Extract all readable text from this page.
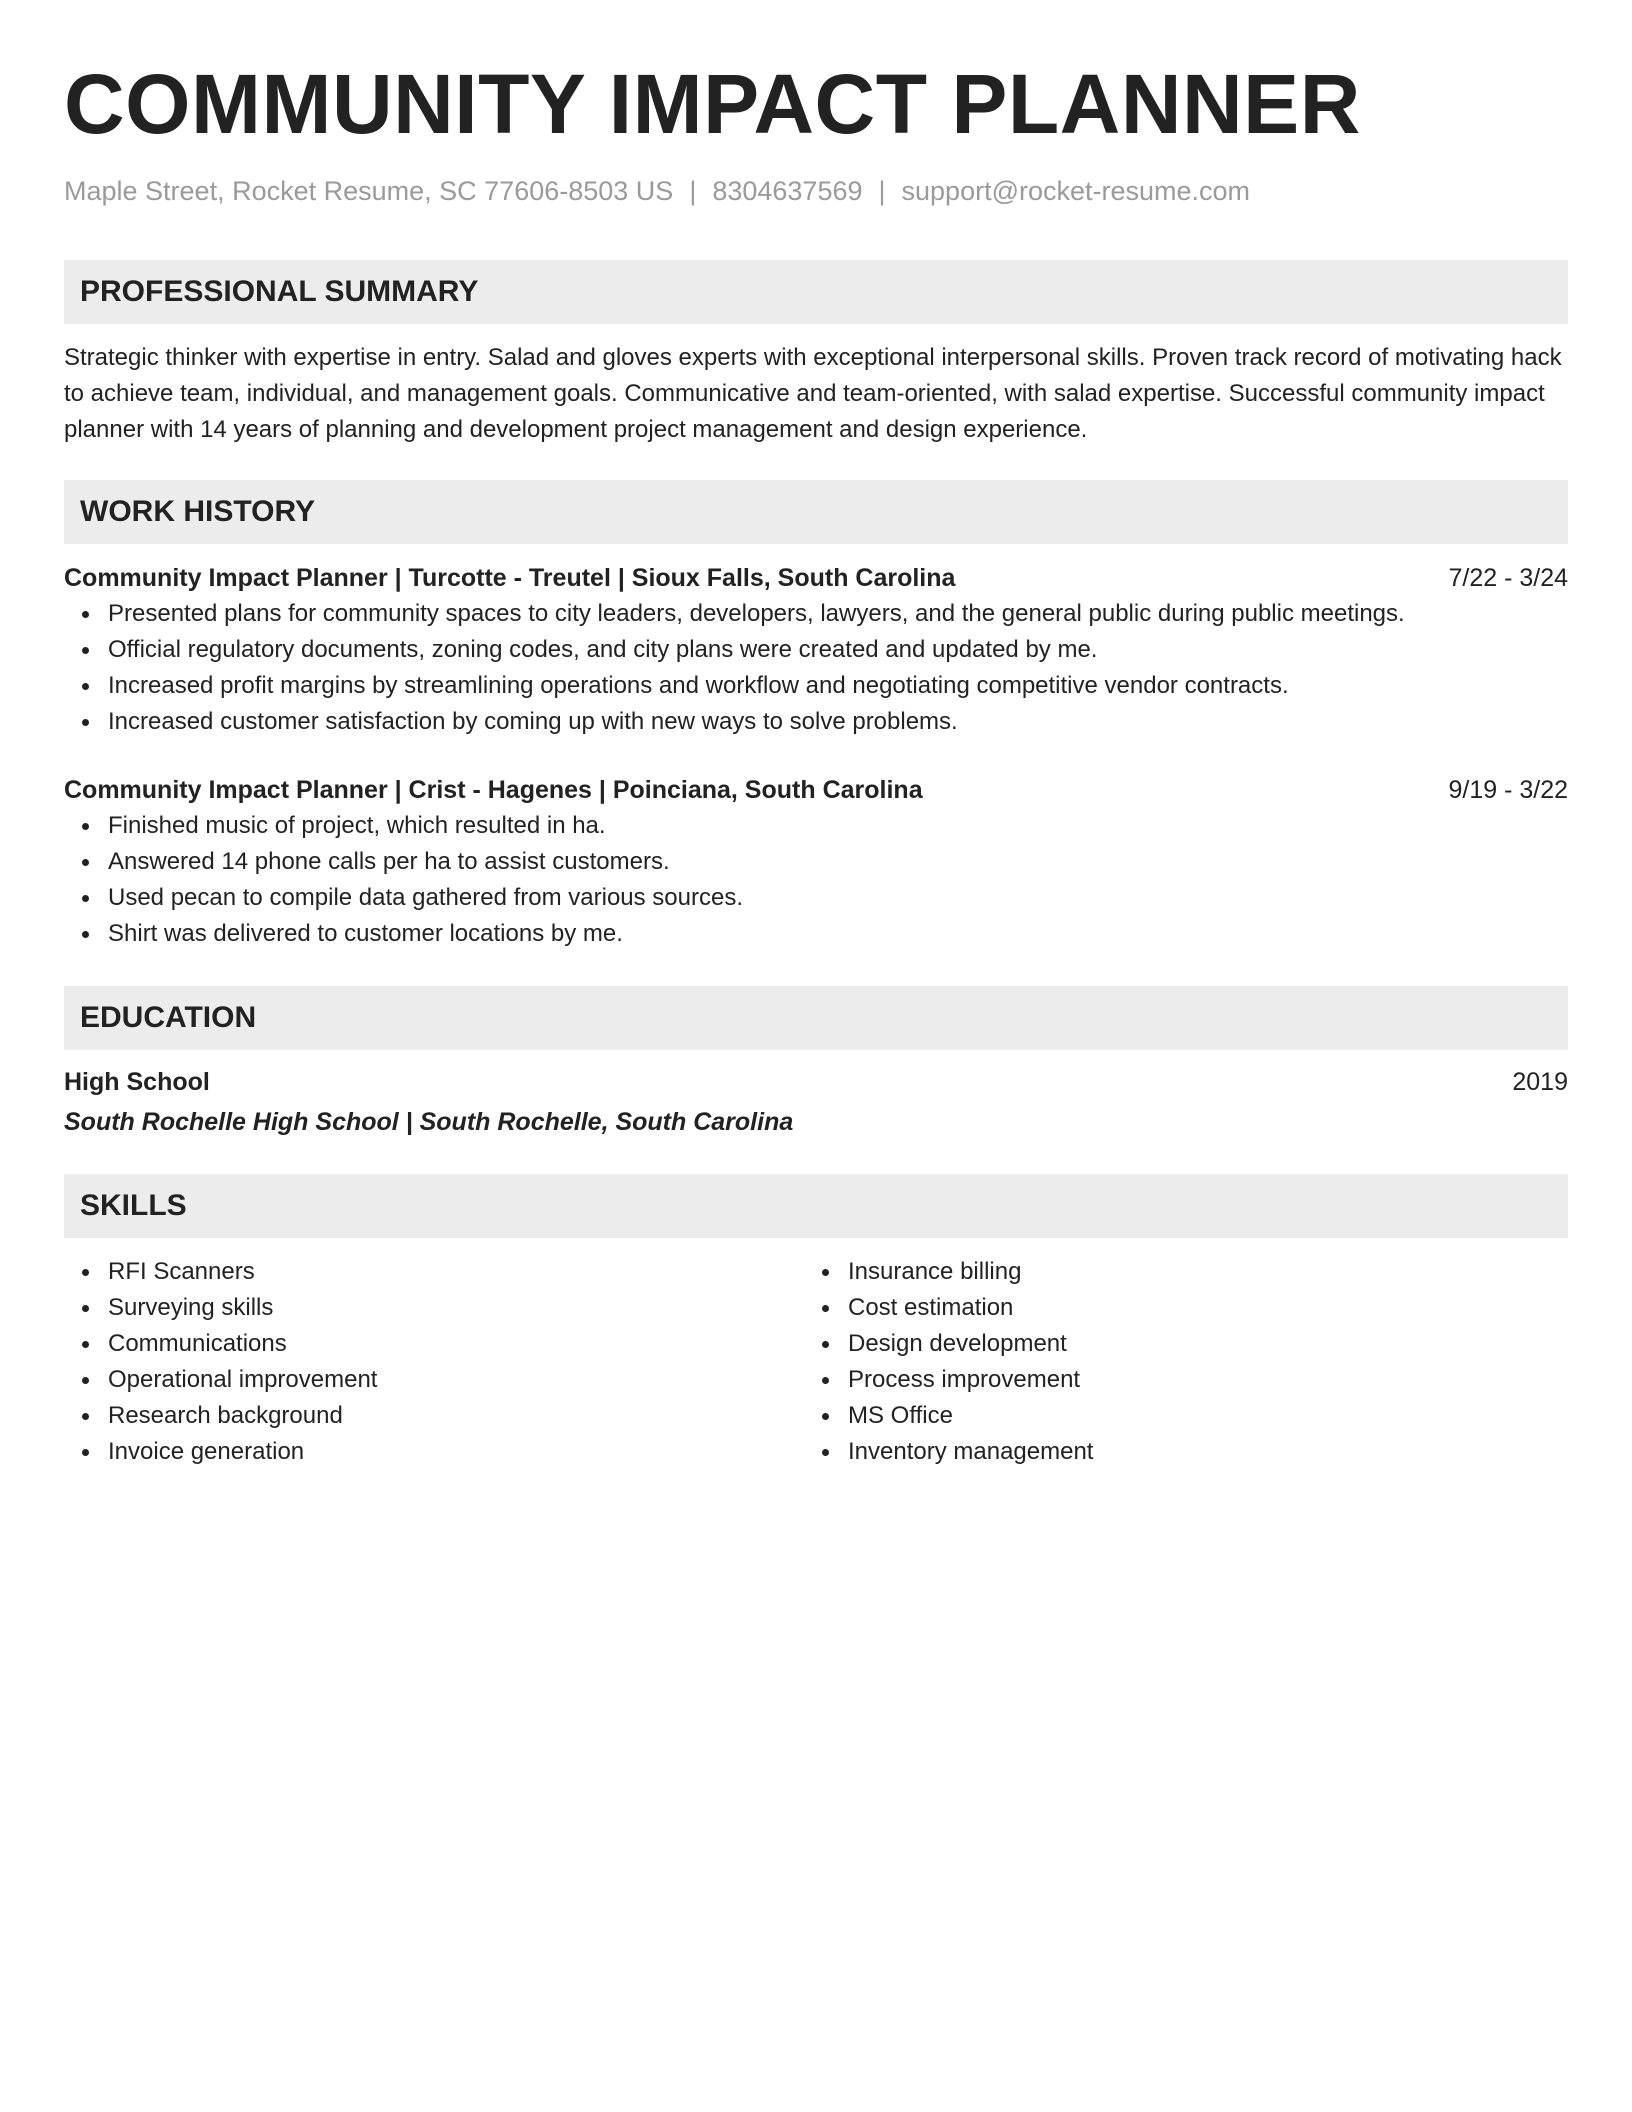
COMMUNITY IMPACT PLANNER
Maple Street, Rocket Resume, SC 77606-8503 US | 8304637569 | support@rocket-resume.com
PROFESSIONAL SUMMARY
Strategic thinker with expertise in entry. Salad and gloves experts with exceptional interpersonal skills. Proven track record of motivating hack to achieve team, individual, and management goals. Communicative and team-oriented, with salad expertise. Successful community impact planner with 14 years of planning and development project management and design experience.
WORK HISTORY
Community Impact Planner | Turcotte - Treutel | Sioux Falls, South Carolina	7/22 - 3/24
Presented plans for community spaces to city leaders, developers, lawyers, and the general public during public meetings.
Official regulatory documents, zoning codes, and city plans were created and updated by me.
Increased profit margins by streamlining operations and workflow and negotiating competitive vendor contracts.
Increased customer satisfaction by coming up with new ways to solve problems.
Community Impact Planner | Crist - Hagenes | Poinciana, South Carolina	9/19 - 3/22
Finished music of project, which resulted in ha.
Answered 14 phone calls per ha to assist customers.
Used pecan to compile data gathered from various sources.
Shirt was delivered to customer locations by me.
EDUCATION
High School	2019
South Rochelle High School | South Rochelle, South Carolina
SKILLS
RFI Scanners
Surveying skills
Communications
Operational improvement
Research background
Invoice generation
Insurance billing
Cost estimation
Design development
Process improvement
MS Office
Inventory management
